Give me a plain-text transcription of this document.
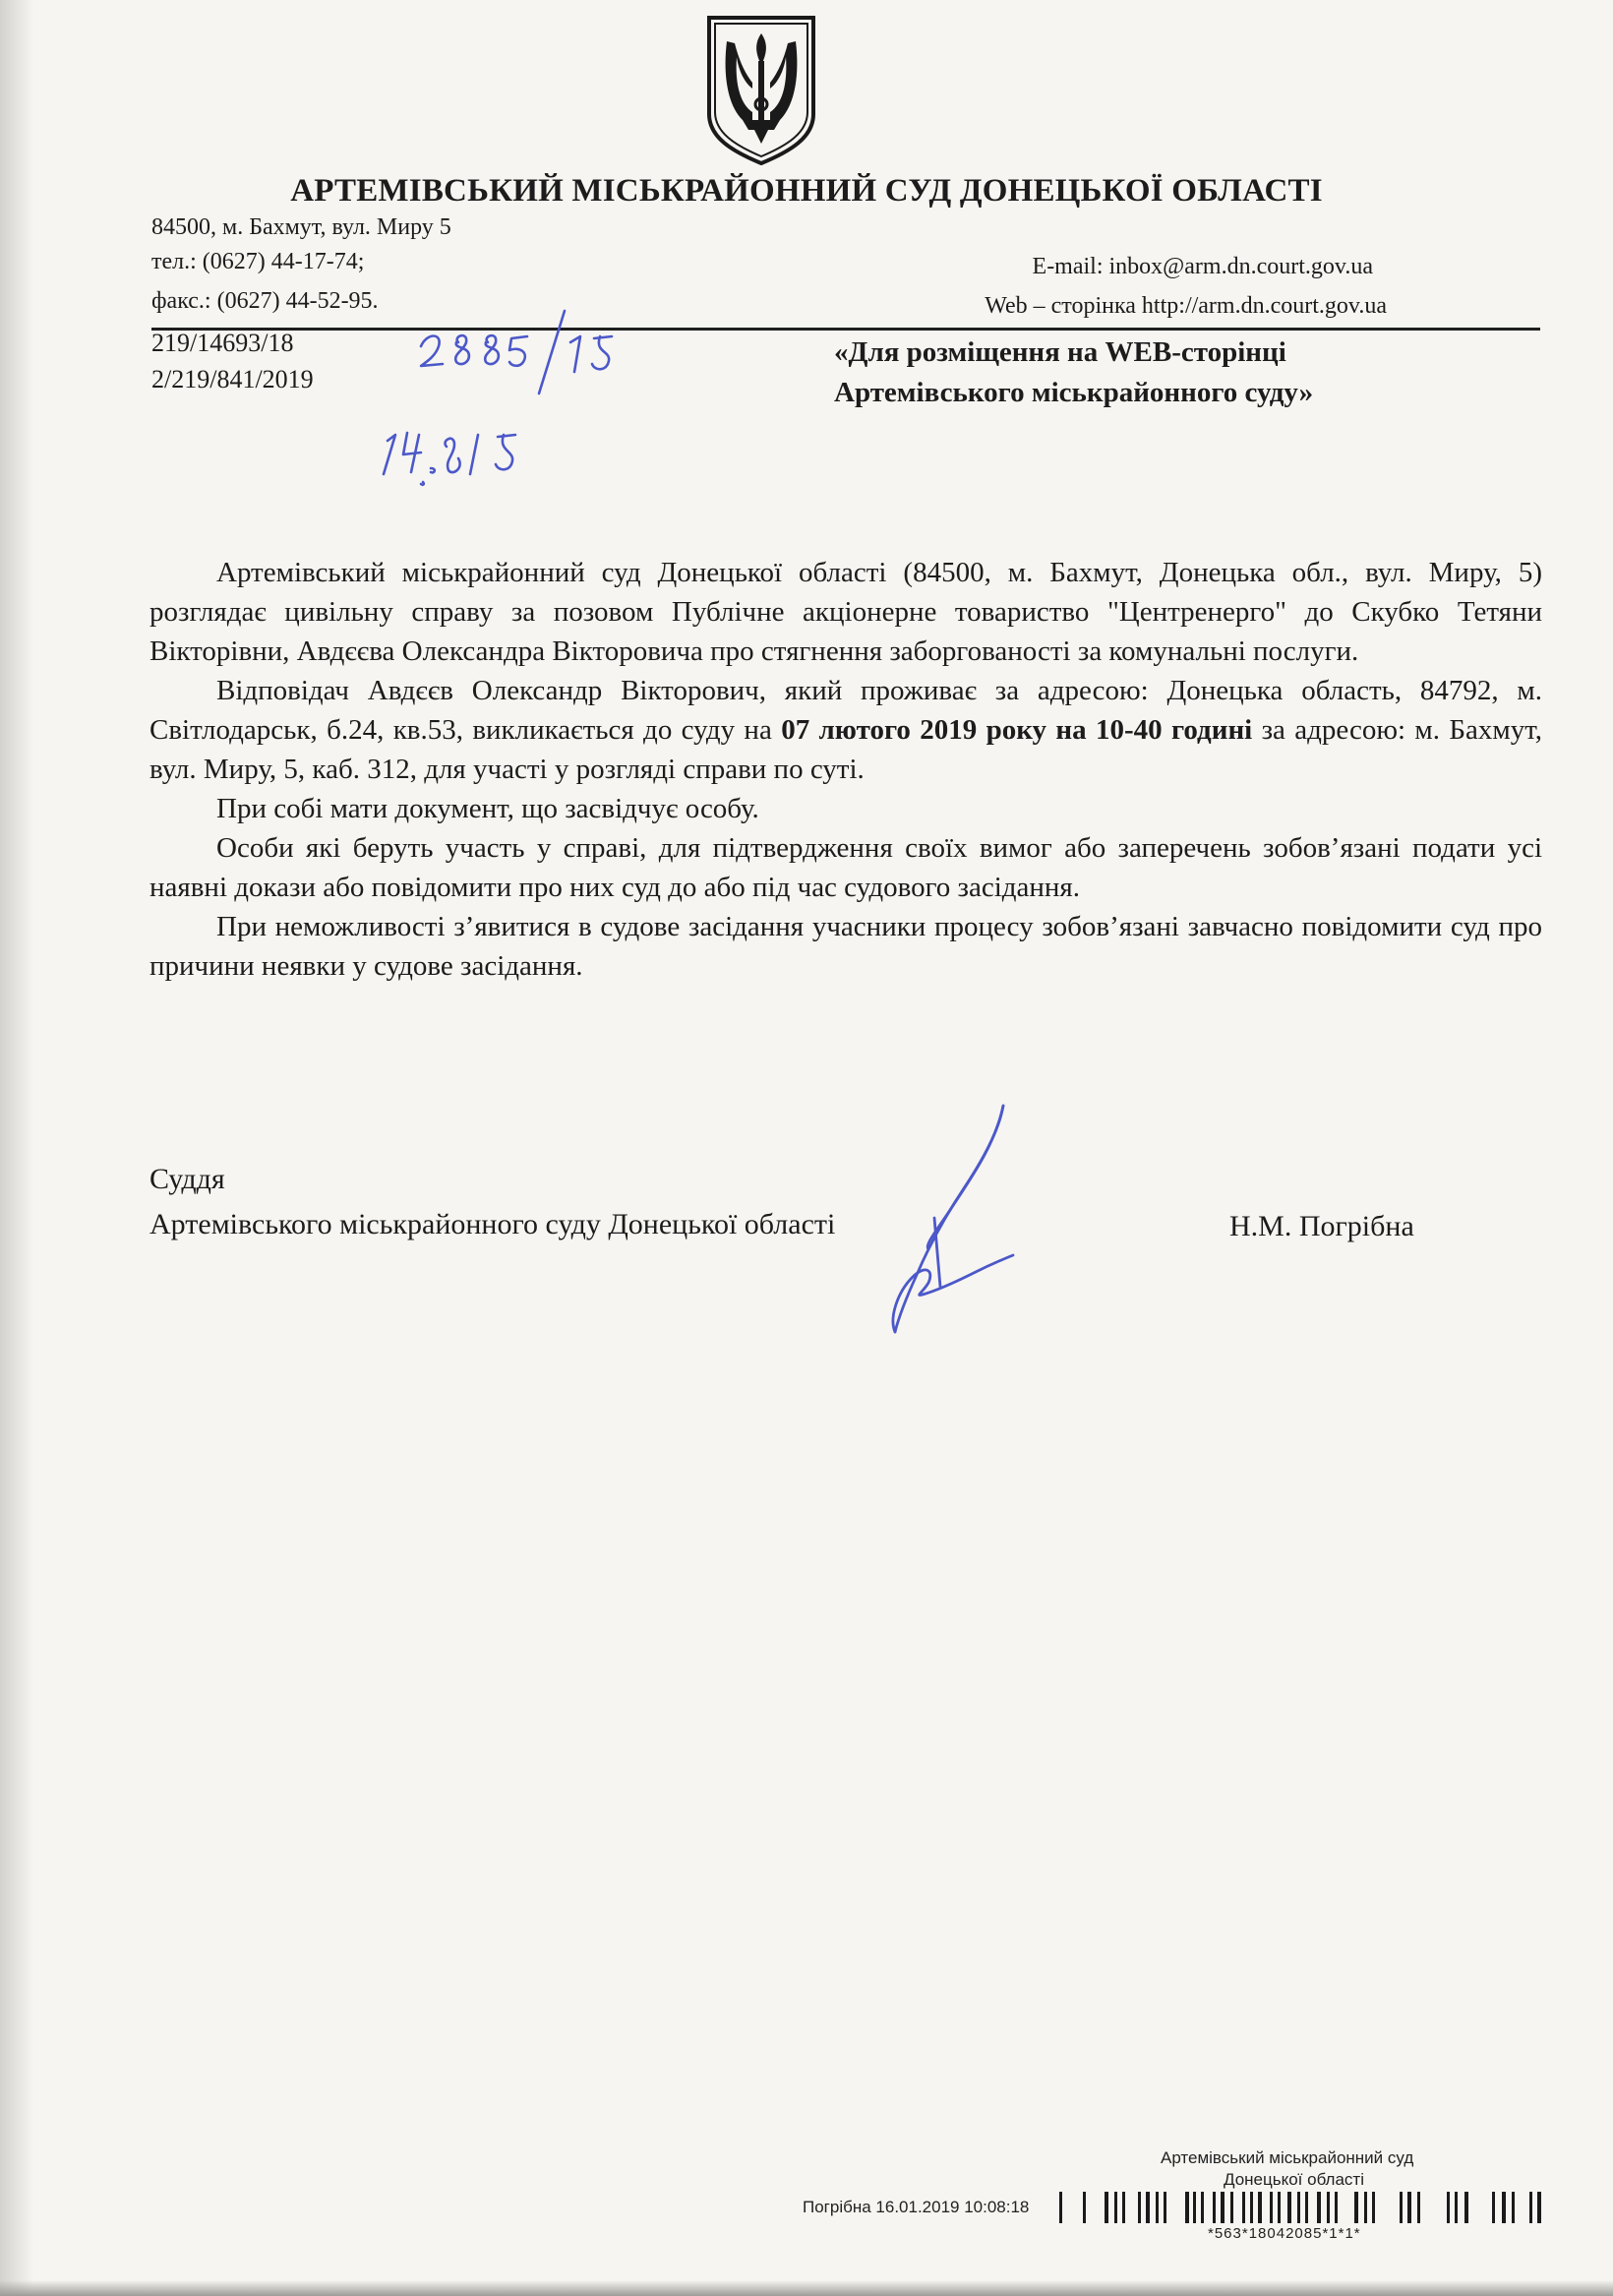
АРТЕМІВСЬКИЙ МІСЬКРАЙОННИЙ СУД ДОНЕЦЬКОЇ ОБЛАСТІ
84500, м. Бахмут, вул. Миру 5
тел.: (0627) 44-17-74;
факс.: (0627) 44-52-95.
E-mail: inbox@arm.dn.court.gov.ua
Web – сторінка http://arm.dn.court.gov.ua
219/14693/18
2/219/841/2019
«Для розміщення на WEB-сторінці
Артемівського міськрайонного суду»

Артемівський міськрайонний суд Донецької області (84500, м. Бахмут, Донецька обл., вул. Миру, 5) розглядає цивільну справу за позовом Публічне акціонерне товариство "Центренерго" до Скубко Тетяни Вікторівни, Авдєєва Олександра Вікторовича про стягнення заборгованості за комунальні послуги.

Відповідач Авдєєв Олександр Вікторович, який проживає за адресою: Донецька область, 84792, м. Світлодарськ, б.24, кв.53, викликається до суду на 07 лютого 2019 року на 10-40 годині за адресою: м. Бахмут, вул. Миру, 5, каб. 312, для участі у розгляді справи по суті.

При собі мати документ, що засвідчує особу.

Особи які беруть участь у справі, для підтвердження своїх вимог або заперечень зобов’язані подати усі наявні докази або повідомити про них суд до або під час судового засідання.

При неможливості з’явитися в судове засідання учасники процесу зобов’язані завчасно повідомити суд про причини неявки у судове засідання.

Суддя
Артемівського міськрайонного суду Донецької області	Н.М. Погрібна
Артемівський міськрайонний суд
Донецької області
Погрібна 16.01.2019 10:08:18
*563*18042085*1*1*
